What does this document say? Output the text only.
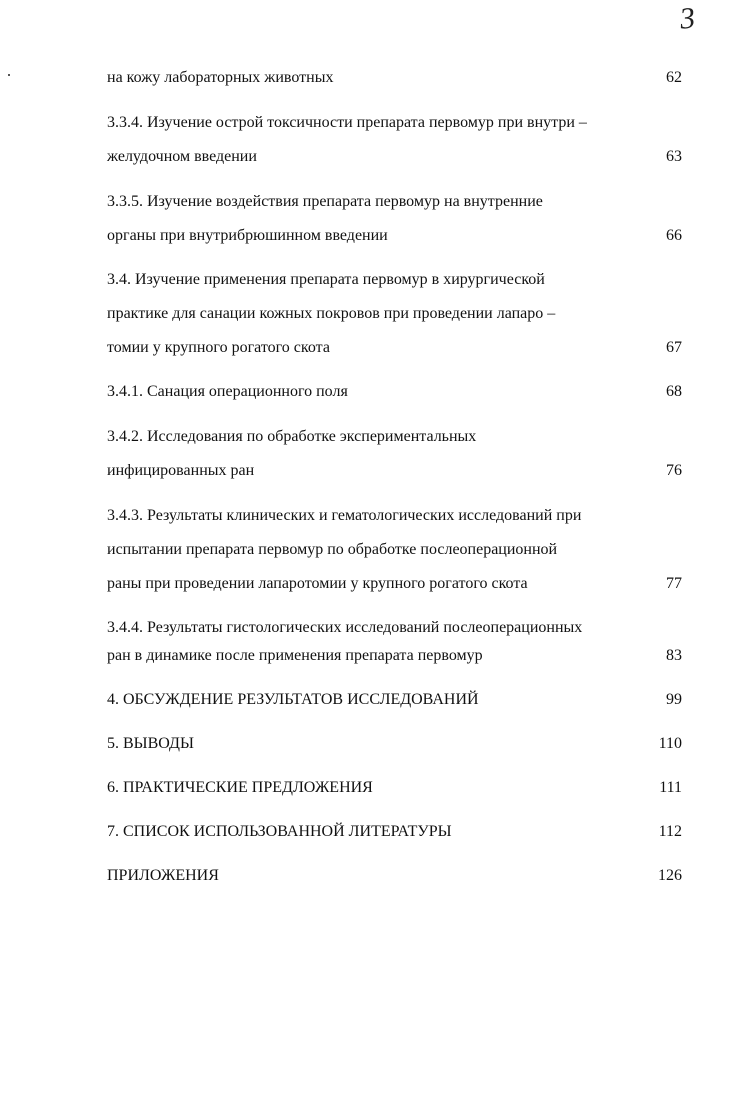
3
на кожу лабораторных животных	62
3.3.4. Изучение острой токсичности препарата первомур при внутри –
желудочном введении	63
3.3.5. Изучение воздействия препарата первомур на внутренние
органы при внутрибрюшинном введении	66
3.4. Изучение применения препарата первомур в хирургической
практике для санации кожных покровов при проведении лапаро –
томии у крупного рогатого скота	67
3.4.1. Санация операционного поля	68
3.4.2. Исследования по обработке экспериментальных
инфицированных ран	76
3.4.3. Результаты клинических и гематологических исследований при
испытании препарата первомур по обработке послеоперационной
раны при проведении лапаротомии у крупного рогатого скота	77
3.4.4. Результаты гистологических исследований послеоперационных
ран в динамике после применения препарата первомур	83
4. ОБСУЖДЕНИЕ РЕЗУЛЬТАТОВ ИССЛЕДОВАНИЙ	99
5. ВЫВОДЫ	110
6. ПРАКТИЧЕСКИЕ ПРЕДЛОЖЕНИЯ	111
7. СПИСОК ИСПОЛЬЗОВАННОЙ ЛИТЕРАТУРЫ	112
ПРИЛОЖЕНИЯ	126
